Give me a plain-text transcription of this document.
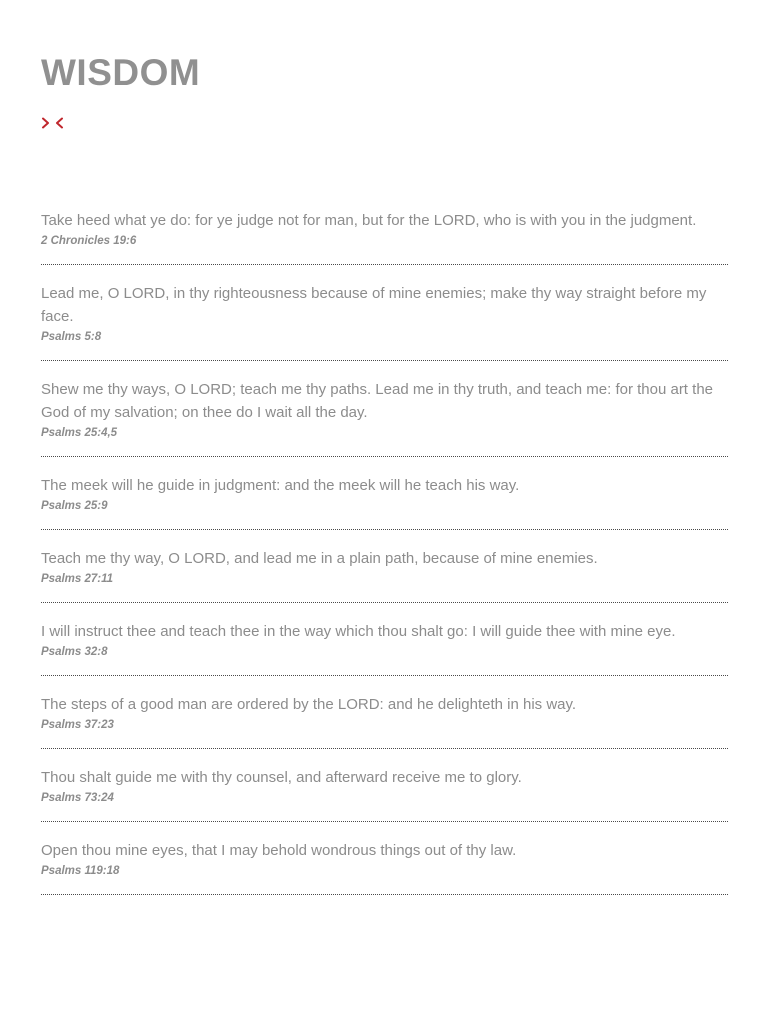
WISDOM

Take heed what ye do: for ye judge not for man, but for the LORD, who is with you in the judgment.

2 Chronicles 19:6

Lead me, O LORD, in thy righteousness because of mine enemies; make thy way straight before my face.

Psalms 5:8

Shew me thy ways, O LORD; teach me thy paths. Lead me in thy truth, and teach me: for thou art the God of my salvation; on thee do I wait all the day.

Psalms 25:4,5

The meek will he guide in judgment: and the meek will he teach his way.

Psalms 25:9

Teach me thy way, O LORD, and lead me in a plain path, because of mine enemies.

Psalms 27:11

I will instruct thee and teach thee in the way which thou shalt go: I will guide thee with mine eye.

Psalms 32:8

The steps of a good man are ordered by the LORD: and he delighteth in his way.

Psalms 37:23

Thou shalt guide me with thy counsel, and afterward receive me to glory.

Psalms 73:24

Open thou mine eyes, that I may behold wondrous things out of thy law.

Psalms 119:18
